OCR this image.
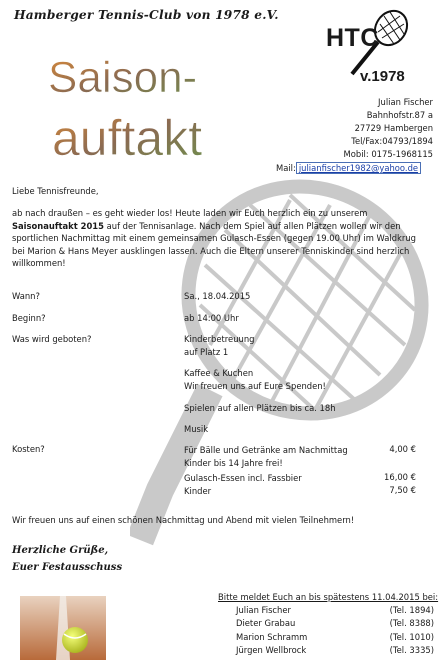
Hamberger Tennis-Club von 1978 e.V.
HTC
v.1978
Saison-
auftakt
Julian Fischer
Bahnhofstr.87 a
27729 Hambergen
Tel/Fax:04793/1894
Mobil: 0175-1968115
Mail: julianfischer1982@yahoo.de
Liebe Tennisfreunde,
ab nach draußen – es geht wieder los! Heute laden wir Euch herzlich ein zu unserem
Saisonauftakt 2015 auf der Tennisanlage. Nach dem Spiel auf allen Plätzen wollen wir den sportlichen Nachmittag mit einem gemeinsamen Gulasch-Essen (gegen 19.00 Uhr) im Waldkrug bei Marion & Hans Meyer ausklingen lassen. Auch die Eltern unserer Tenniskinder sind herzlich willkommen!
Wann?	Sa., 18.04.2015
Beginn?	ab 14:00 Uhr
Was wird geboten?	Kinderbetreuung
auf Platz 1
Kaffee & Kuchen
Wir freuen uns auf Eure Spenden!
Spielen auf allen Plätzen bis ca. 18h
Musik
Kosten?	Für Bälle und Getränke am Nachmittag	4,00 €
Kinder bis 14 Jahre frei!
Gulasch-Essen incl. Fassbier	16,00 €
Kinder	7,50 €
Wir freuen uns auf einen schönen Nachmittag und Abend mit vielen Teilnehmern!
Herzliche Grüße,
Euer Festausschuss
Bitte meldet Euch an bis spätestens 11.04.2015 bei:
Julian Fischer	(Tel. 1894)
Dieter Grabau	(Tel. 8388)
Marion Schramm	(Tel. 1010)
Jürgen Wellbrock	(Tel. 3335)
